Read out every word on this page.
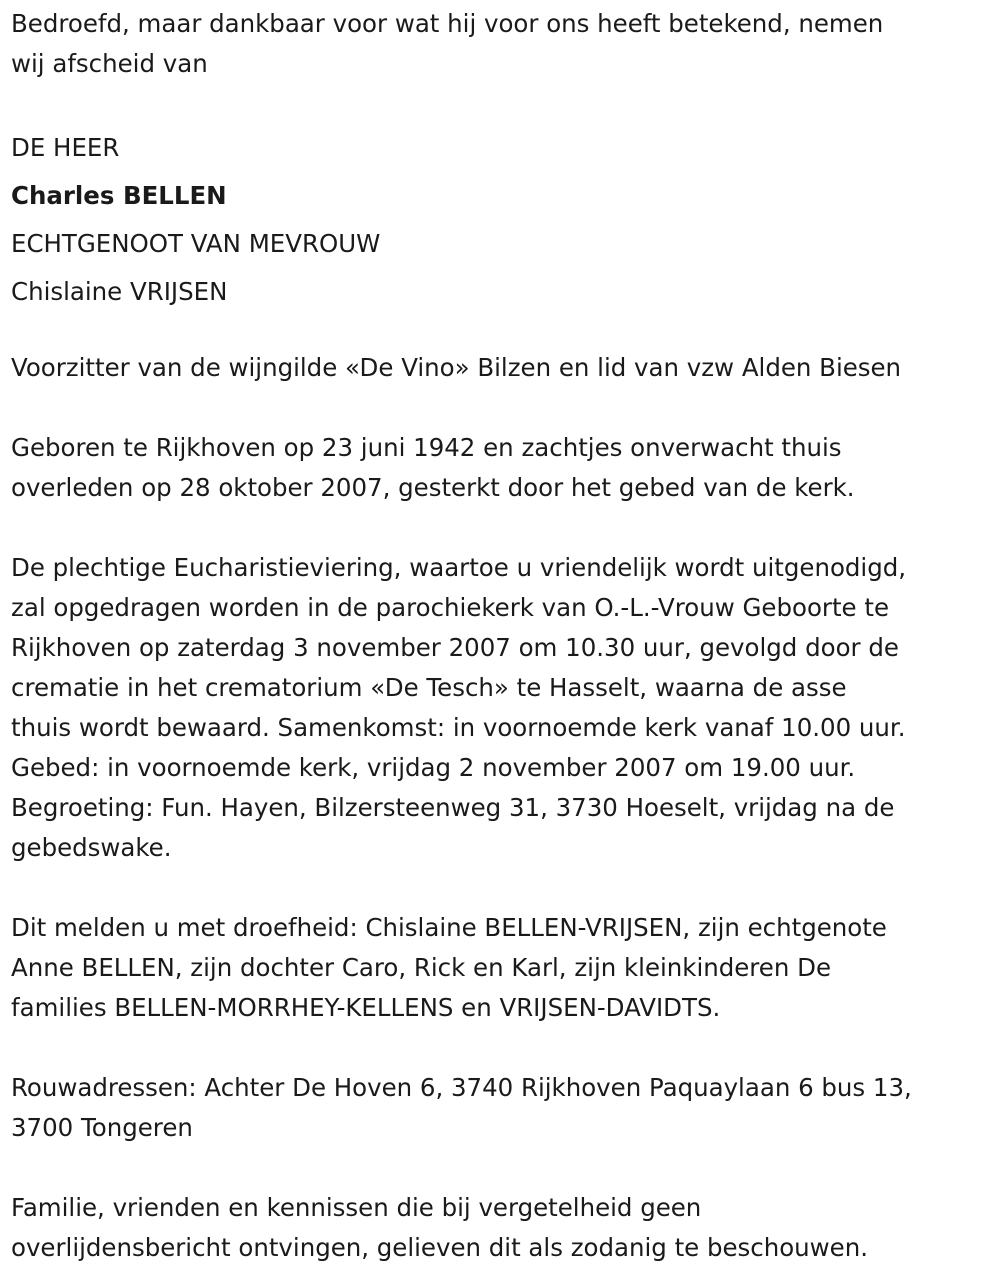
Bedroefd, maar dankbaar voor wat hij voor ons heeft betekend, nemen
wij afscheid van
DE HEER
Charles BELLEN
ECHTGENOOT VAN MEVROUW
Chislaine VRIJSEN
Voorzitter van de wijngilde «De Vino» Bilzen en lid van vzw Alden Biesen
Geboren te Rijkhoven op 23 juni 1942 en zachtjes onverwacht thuis
overleden op 28 oktober 2007, gesterkt door het gebed van de kerk.
De plechtige Eucharistieviering, waartoe u vriendelijk wordt uitgenodigd,
zal opgedragen worden in de parochiekerk van O.-L.-Vrouw Geboorte te
Rijkhoven op zaterdag 3 november 2007 om 10.30 uur, gevolgd door de
crematie in het crematorium «De Tesch» te Hasselt, waarna de asse
thuis wordt bewaard. Samenkomst: in voornoemde kerk vanaf 10.00 uur.
Gebed: in voornoemde kerk, vrijdag 2 november 2007 om 19.00 uur.
Begroeting: Fun. Hayen, Bilzersteenweg 31, 3730 Hoeselt, vrijdag na de
gebedswake.
Dit melden u met droefheid: Chislaine BELLEN-VRIJSEN, zijn echtgenote
Anne BELLEN, zijn dochter Caro, Rick en Karl, zijn kleinkinderen De
families BELLEN-MORRHEY-KELLENS en VRIJSEN-DAVIDTS.
Rouwadressen: Achter De Hoven 6, 3740 Rijkhoven Paquaylaan 6 bus 13,
3700 Tongeren
Familie, vrienden en kennissen die bij vergetelheid geen
overlijdensbericht ontvingen, gelieven dit als zodanig te beschouwen.
